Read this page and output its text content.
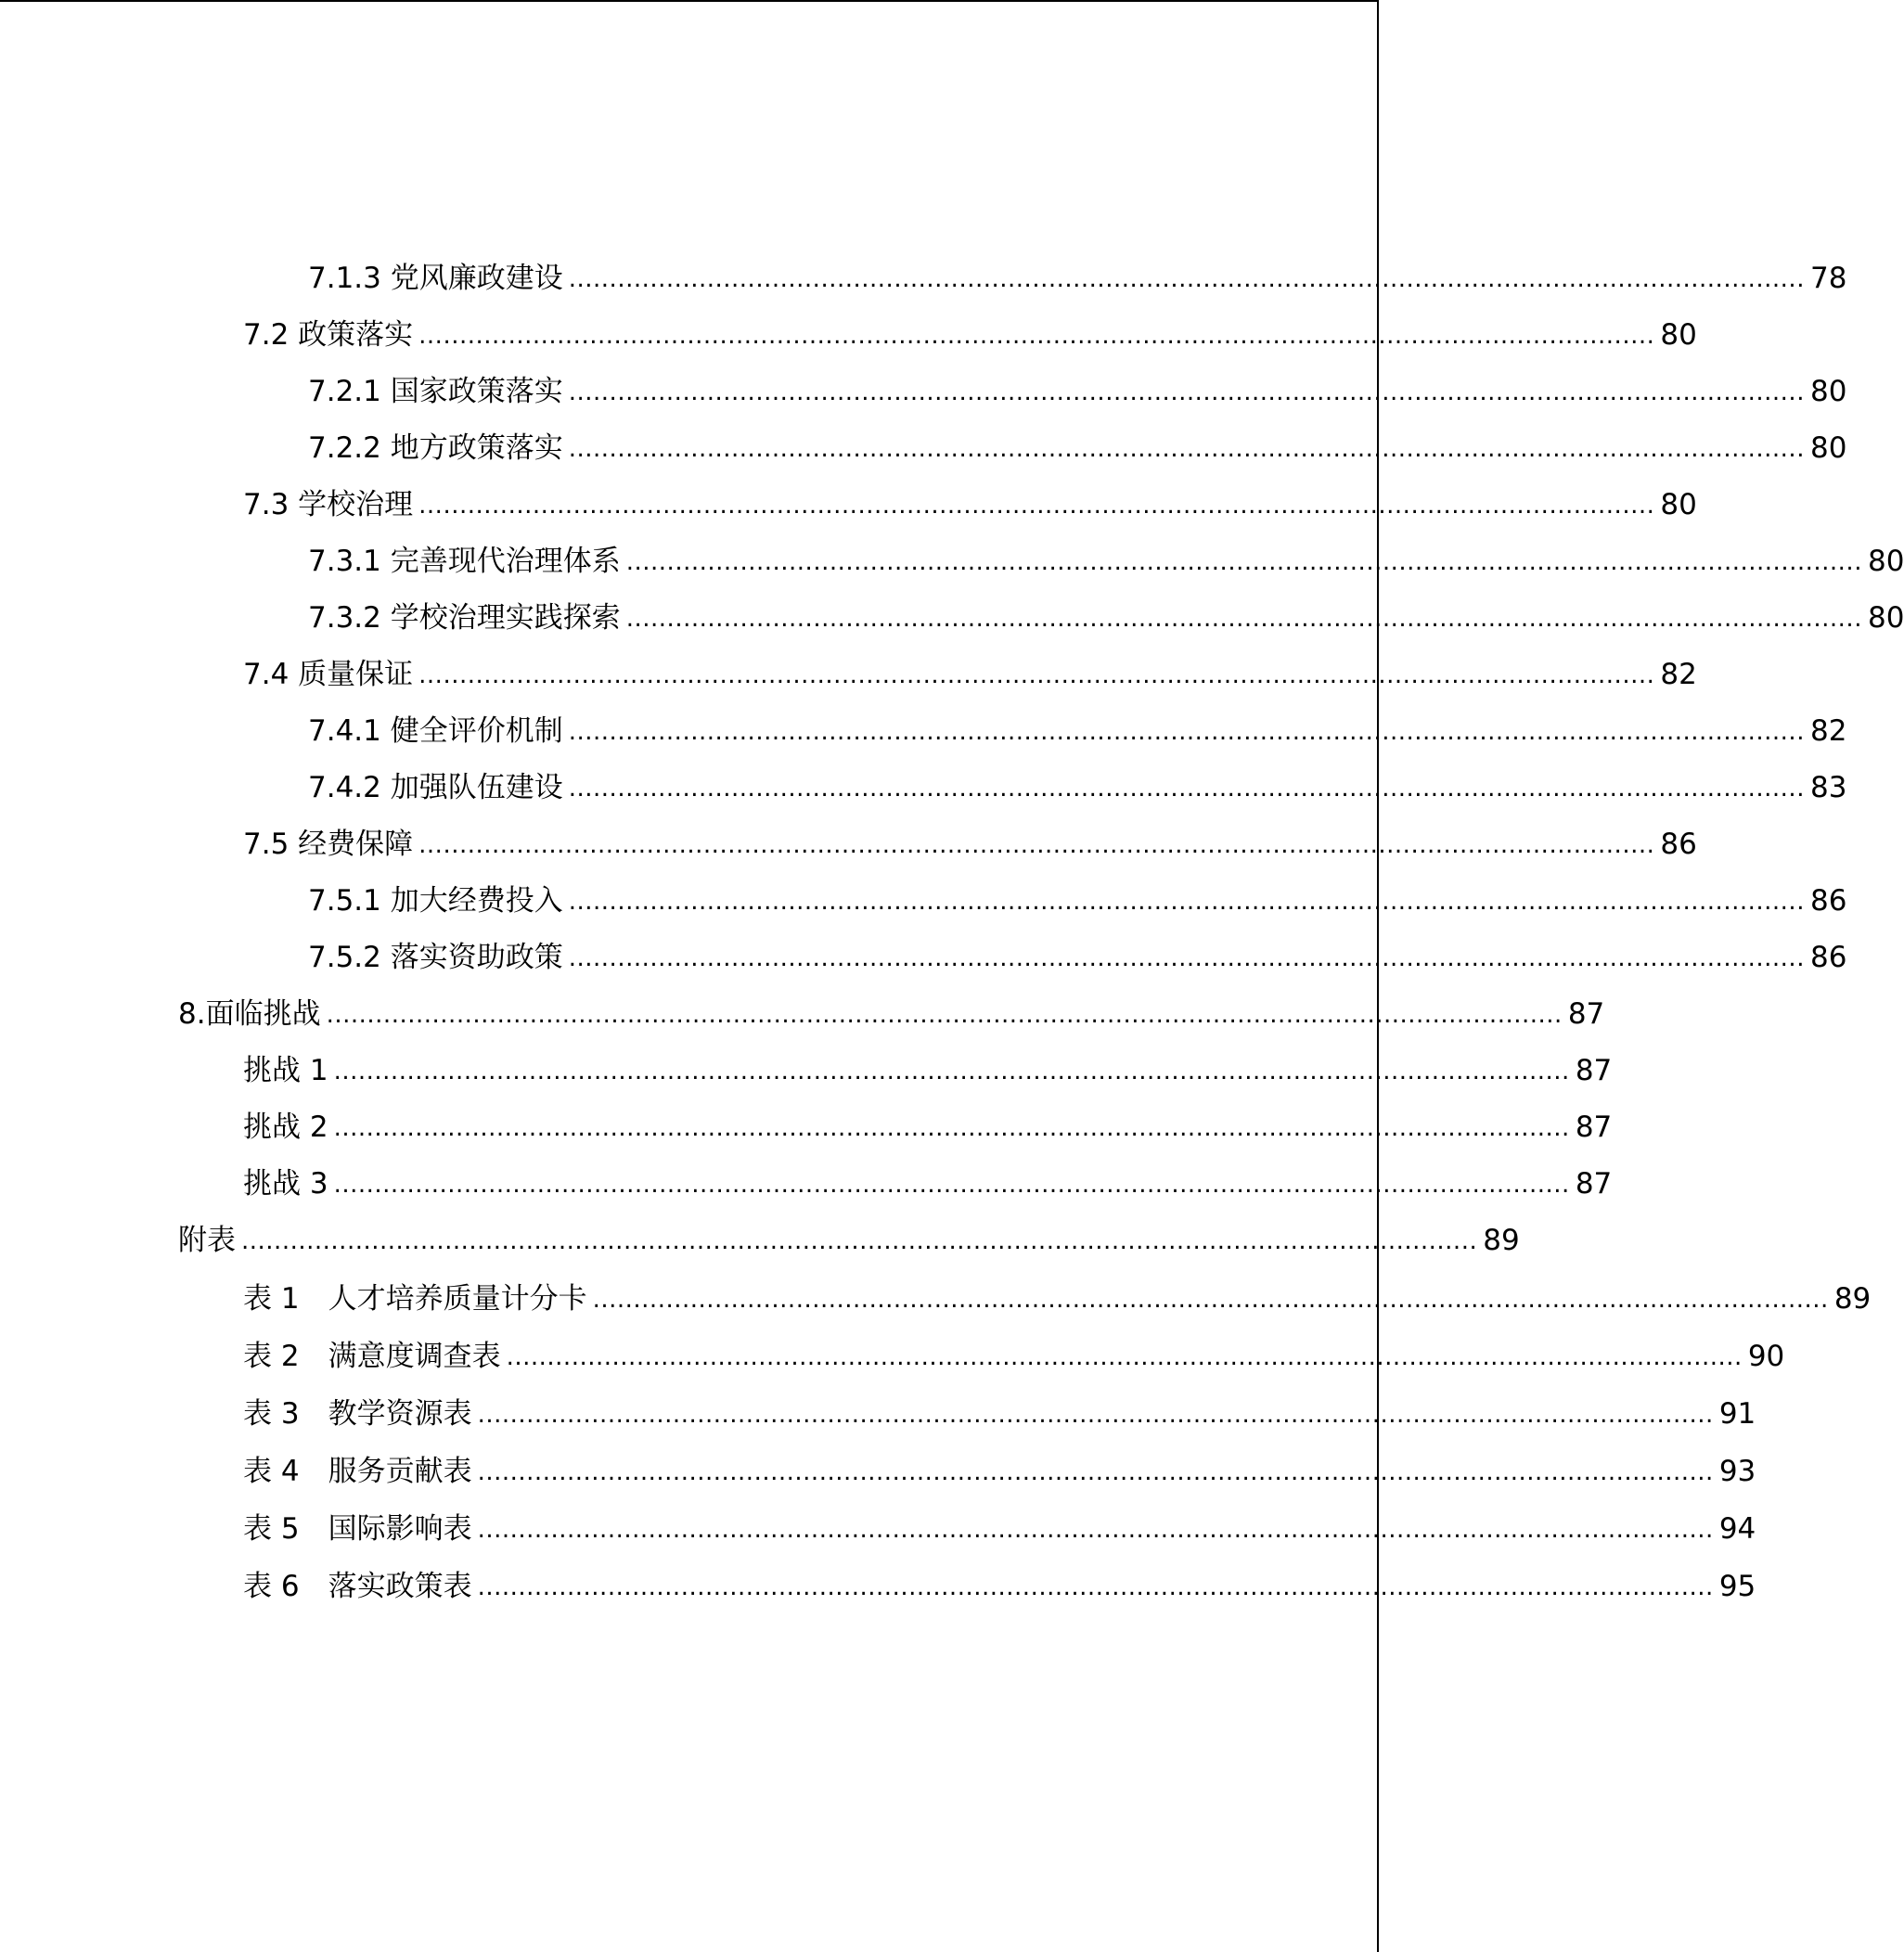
7.1.3 党风廉政建设 ........................................................................................................................................................ 78
7.2 政策落实 ........................................................................................................................................................ 80
7.2.1 国家政策落实 ........................................................................................................................................................ 80
7.2.2 地方政策落实 ........................................................................................................................................................ 80
7.3 学校治理 ........................................................................................................................................................ 80
7.3.1 完善现代治理体系 ........................................................................................................................................................ 80
7.3.2 学校治理实践探索 ........................................................................................................................................................ 80
7.4 质量保证 ........................................................................................................................................................ 82
7.4.1 健全评价机制 ........................................................................................................................................................ 82
7.4.2 加强队伍建设 ........................................................................................................................................................ 83
7.5 经费保障 ........................................................................................................................................................ 86
7.5.1 加大经费投入 ........................................................................................................................................................ 86
7.5.2 落实资助政策 ........................................................................................................................................................ 86
8.面临挑战 ........................................................................................................................................................ 87
挑战 1 ........................................................................................................................................................ 87
挑战 2 ........................................................................................................................................................ 87
挑战 3 ........................................................................................................................................................ 87
附表 ........................................................................................................................................................ 89
表 1　人才培养质量计分卡 ........................................................................................................................................................ 89
表 2　满意度调查表 ........................................................................................................................................................ 90
表 3　教学资源表 ........................................................................................................................................................ 91
表 4　服务贡献表 ........................................................................................................................................................ 93
表 5　国际影响表 ........................................................................................................................................................ 94
表 6　落实政策表 ........................................................................................................................................................ 95
